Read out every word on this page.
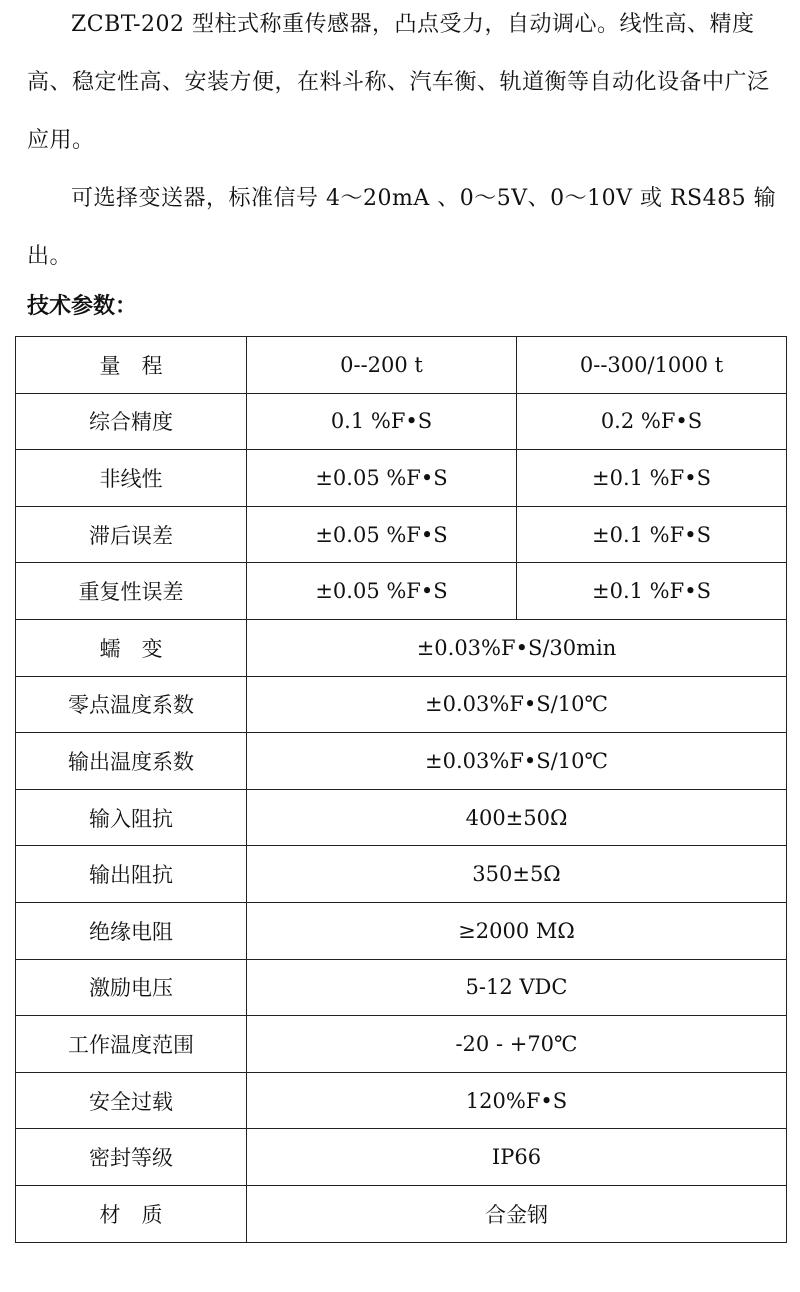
ZCBT-202 型柱式称重传感器，凸点受力，自动调心。线性高、精度高、稳定性高、安装方便，在料斗称、汽车衡、轨道衡等自动化设备中广泛应用。

可选择变送器，标准信号 4～20mA 、0～5V、0～10V 或 RS485 输出。

技术参数：
量　程	0--200 t	0--300/1000 t
综合精度	0.1 %F•S	0.2 %F•S
非线性	±0.05 %F•S	±0.1 %F•S
滞后误差	±0.05 %F•S	±0.1 %F•S
重复性误差	±0.05 %F•S	±0.1 %F•S
蠕　变	±0.03%F•S/30min	
零点温度系数	±0.03%F•S/10℃	
输出温度系数	±0.03%F•S/10℃	
输入阻抗	400±50Ω	
输出阻抗	350±5Ω	
绝缘电阻	≥2000 MΩ	
激励电压	5-12 VDC	
工作温度范围	-20 - +70℃	
安全过载	120%F•S	
密封等级	IP66	
材　质	合金钢	
